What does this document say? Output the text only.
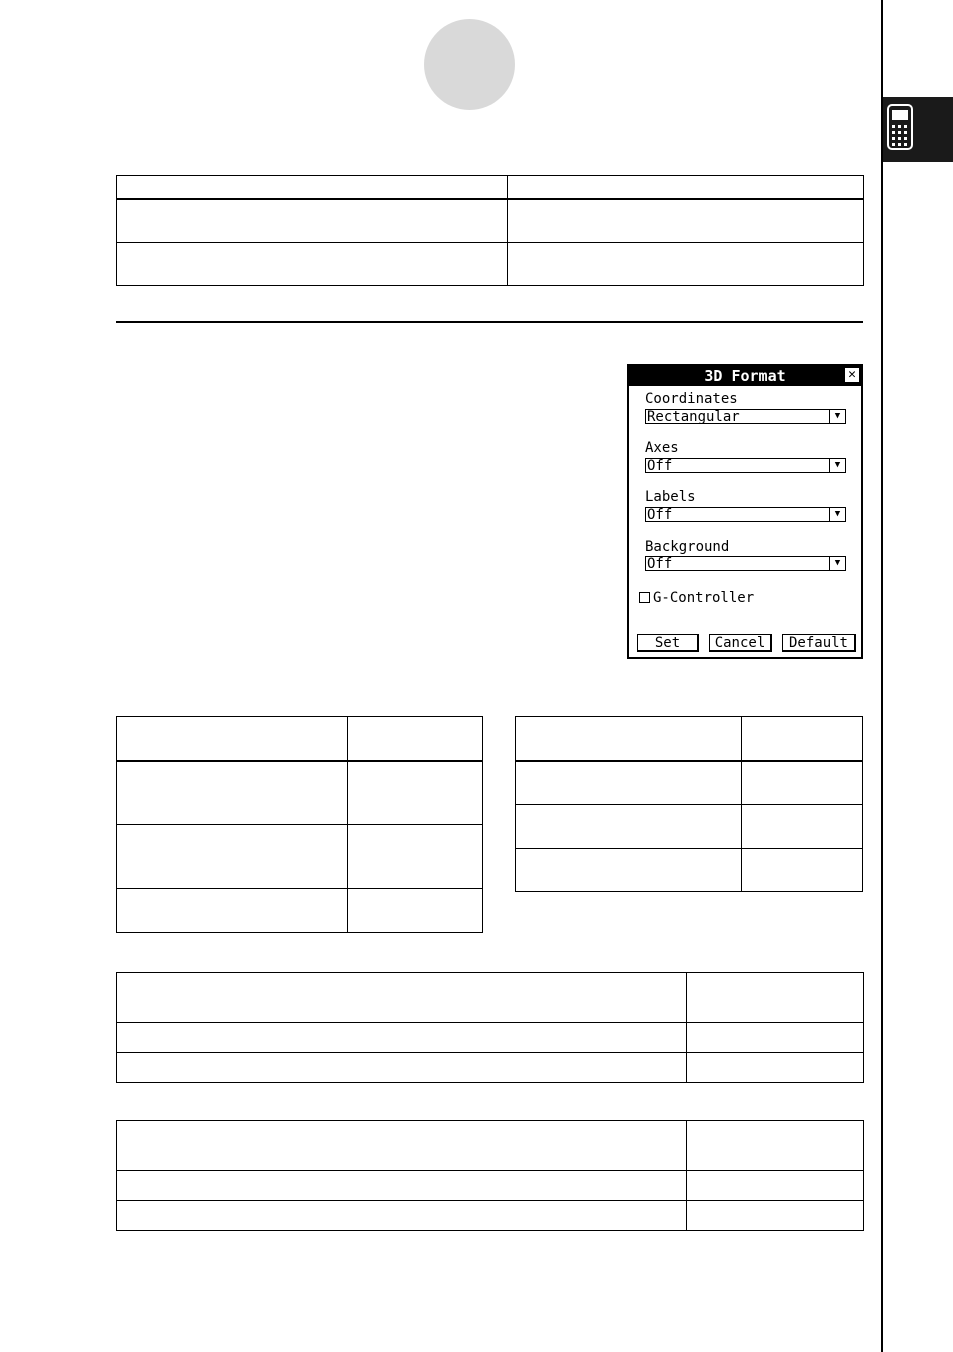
3D Format	✕
Coordinates
Rectangular	▼
Axes
Off	▼
Labels
Off	▼
Background
Off	▼
G-Controller
Set	Cancel	Default
